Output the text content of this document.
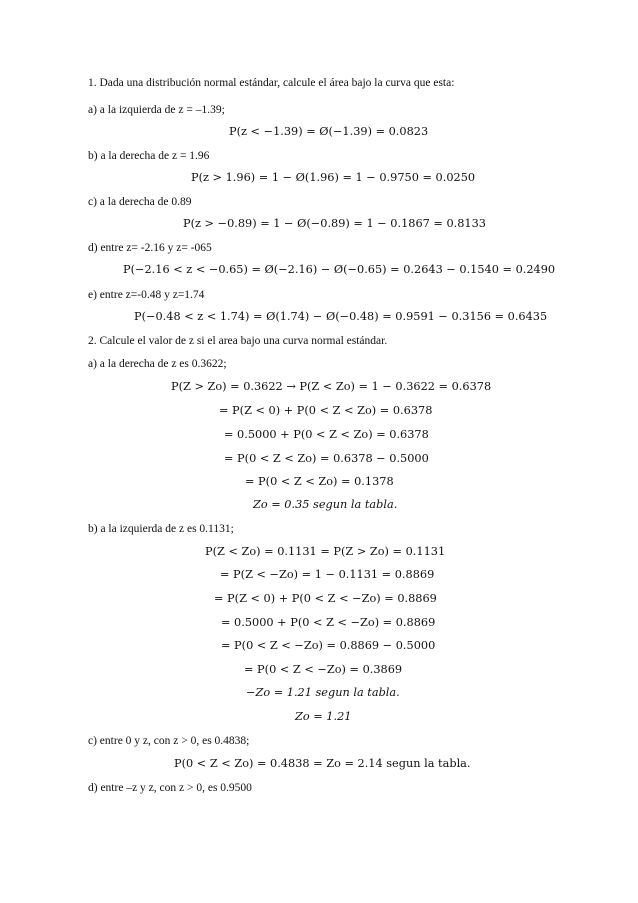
1. Dada una distribución normal estándar, calcule el área bajo la curva que esta:
a) a la izquierda de z = –1.39;
P(z < −1.39) = Ø(−1.39) = 0.0823
b) a la derecha de z = 1.96
P(z > 1.96) = 1 − Ø(1.96) = 1 − 0.9750 = 0.0250
c) a la derecha de 0.89
P(z > −0.89) = 1 − Ø(−0.89) = 1 − 0.1867 = 0.8133
d) entre z= -2.16 y z= -065
P(−2.16 < z < −0.65) = Ø(−2.16) − Ø(−0.65) = 0.2643 − 0.1540 = 0.2490
e) entre z=-0.48 y z=1.74
P(−0.48 < z < 1.74) = Ø(1.74) − Ø(−0.48) = 0.9591 − 0.3156 = 0.6435
2. Calcule el valor de z si el area bajo una curva normal estándar.
a) a la derecha de z es 0.3622;
P(Z > Zo) = 0.3622 → P(Z < Zo) = 1 − 0.3622 = 0.6378
= P(Z < 0) + P(0 < Z < Zo) = 0.6378
= 0.5000 + P(0 < Z < Zo) = 0.6378
= P(0 < Z < Zo) = 0.6378 − 0.5000
= P(0 < Z < Zo) = 0.1378
Zo = 0.35 segun la tabla.
b) a la izquierda de z es 0.1131;
P(Z < Zo) = 0.1131 = P(Z > Zo) = 0.1131
= P(Z < −Zo) = 1 − 0.1131 = 0.8869
= P(Z < 0) + P(0 < Z < −Zo) = 0.8869
= 0.5000 + P(0 < Z < −Zo) = 0.8869
= P(0 < Z < −Zo) = 0.8869 − 0.5000
= P(0 < Z < −Zo) = 0.3869
−Zo = 1.21 segun la tabla.
Zo = 1.21
c) entre 0 y z, con z > 0, es 0.4838;
P(0 < Z < Zo) = 0.4838 = Zo = 2.14 segun la tabla.
d) entre –z y z, con z > 0, es 0.9500
